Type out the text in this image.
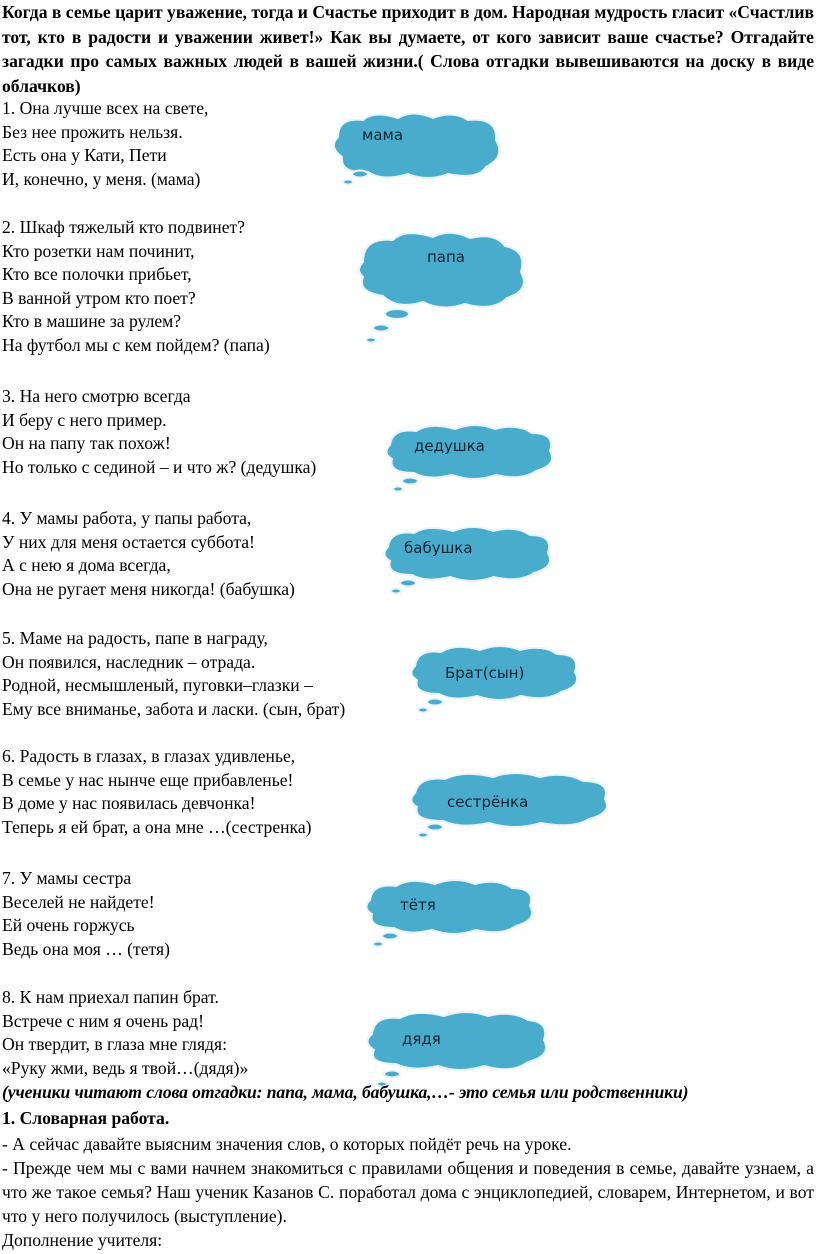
Когда в семье царит уважение, тогда и Счастье приходит в дом. Народная мудрость гласит «Счастлив тот, кто в радости и уважении живет!» Как вы думаете, от кого зависит ваше счастье? Отгадайте загадки про самых важных людей в вашей жизни.( Слова отгадки вывешиваются на доску в виде облачков)
1. Она лучше всех на свете,
Без нее прожить нельзя.
Есть она у Кати, Пети
И, конечно, у меня. (мама)
мама
2. Шкаф тяжелый кто подвинет?
Кто розетки нам починит,
Кто все полочки прибьет,
В ванной утром кто поет?
Кто в машине за рулем?
На футбол мы с кем пойдем? (папа)
папа
3. На него смотрю всегда
И беру с него пример.
Он на папу так похож!
Но только с сединой – и что ж? (дедушка)
дедушка
4. У мамы работа, у папы работа,
У них для меня остается суббота!
А с нею я дома всегда,
Она не ругает меня никогда! (бабушка)
бабушка
5. Маме на радость, папе в награду,
Он появился, наследник – отрада.
Родной, несмышленый, пуговки–глазки –
Ему все вниманье, забота и ласки. (сын, брат)
Брат(сын)
6. Радость в глазах, в глазах удивленье,
В семье у нас нынче еще прибавленье!
В доме у нас появилась девчонка!
Теперь я ей брат, а она мне …(сестренка)
сестрёнка
7. У мамы сестра
Веселей не найдете!
Ей очень горжусь
Ведь она моя … (тетя)
тётя
8. К нам приехал папин брат.
Встрече с ним я очень рад!
Он твердит, в глаза мне глядя:
«Руку жми, ведь я твой…(дядя)»
дядя
(ученики читают слова отгадки: папа, мама, бабушка,…- это семья или родственники)
1. Словарная работа.
- А сейчас давайте выясним значения слов, о которых пойдёт речь на уроке.
- Прежде чем мы с вами начнем знакомиться с правилами общения и поведения в семье, давайте узнаем, а что же такое семья? Наш ученик Казанов С. поработал дома с энциклопедией, словарем, Интернетом, и вот что у него получилось (выступление).
Дополнение учителя:
